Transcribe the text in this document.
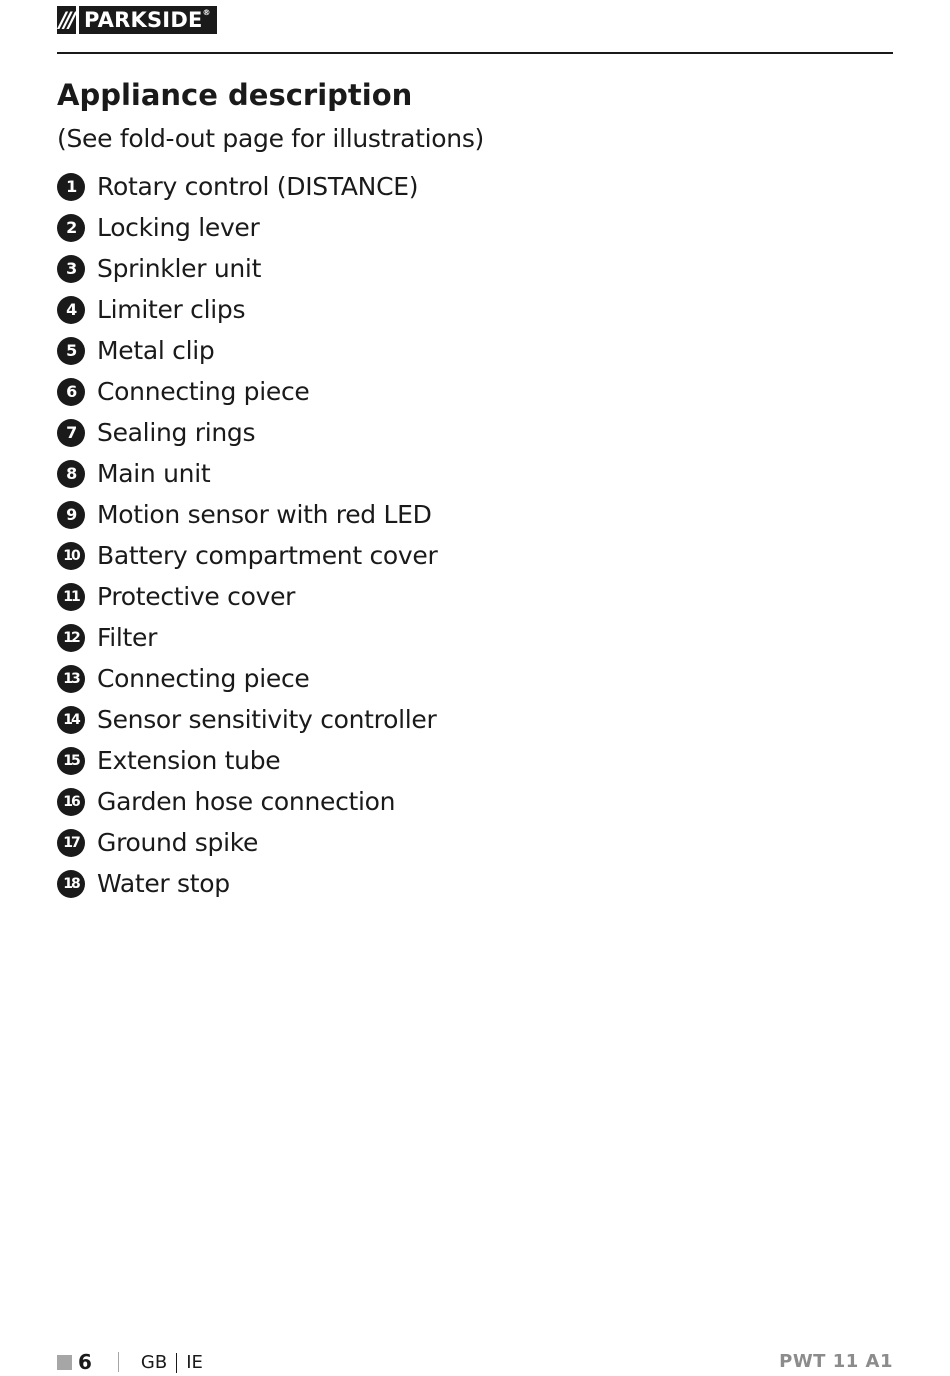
/// PARKSIDE®
Appliance description
(See fold-out page for illustrations)
1 Rotary control (DISTANCE)
2 Locking lever
3 Sprinkler unit
4 Limiter clips
5 Metal clip
6 Connecting piece
7 Sealing rings
8 Main unit
9 Motion sensor with red LED
10 Battery compartment cover
11 Protective cover
12 Filter
13 Connecting piece
14 Sensor sensitivity controller
15 Extension tube
16 Garden hose connection
17 Ground spike
18 Water stop
6	GB IE	PWT 11 A1
